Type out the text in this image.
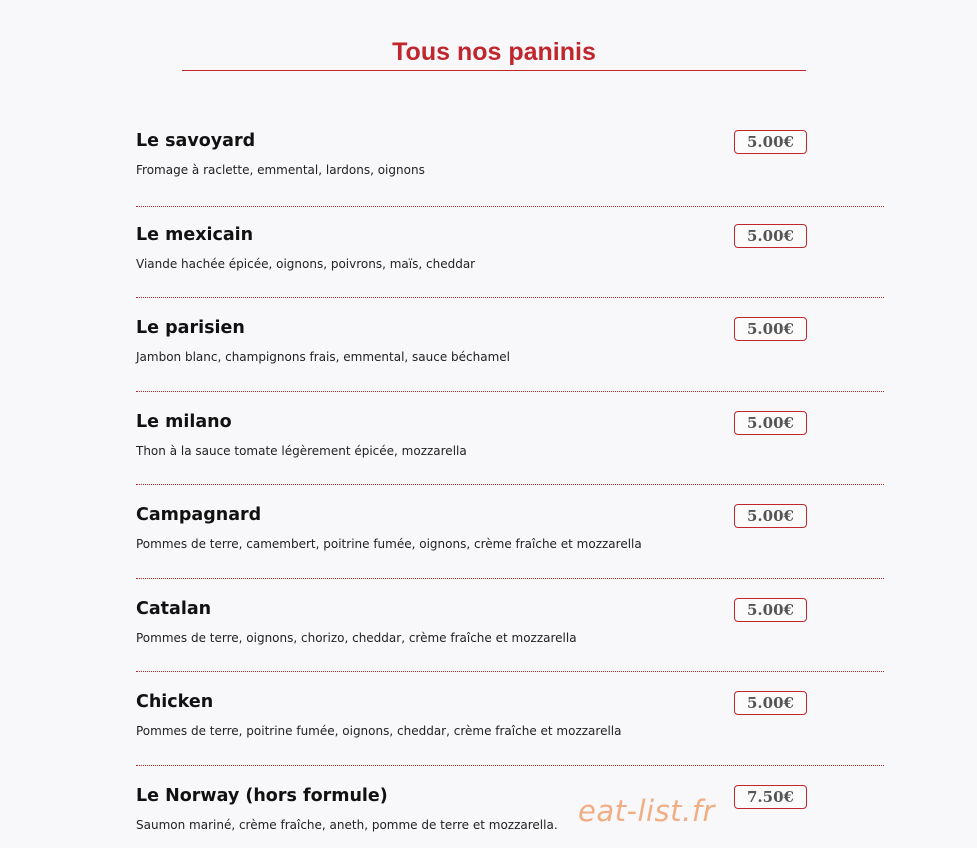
Tous nos paninis
Le savoyard	5.00€
Fromage à raclette, emmental, lardons, oignons
Le mexicain	5.00€
Viande hachée épicée, oignons, poivrons, maïs, cheddar
Le parisien	5.00€
Jambon blanc, champignons frais, emmental, sauce béchamel
Le milano	5.00€
Thon à la sauce tomate légèrement épicée, mozzarella
Campagnard	5.00€
Pommes de terre, camembert, poitrine fumée, oignons, crème fraîche et mozzarella
Catalan	5.00€
Pommes de terre, oignons, chorizo, cheddar, crème fraîche et mozzarella
Chicken	5.00€
Pommes de terre, poitrine fumée, oignons, cheddar, crème fraîche et mozzarella
Le Norway (hors formule)	7.50€
Saumon mariné, crème fraîche, aneth, pomme de terre et mozzarella. eat-list.fr
